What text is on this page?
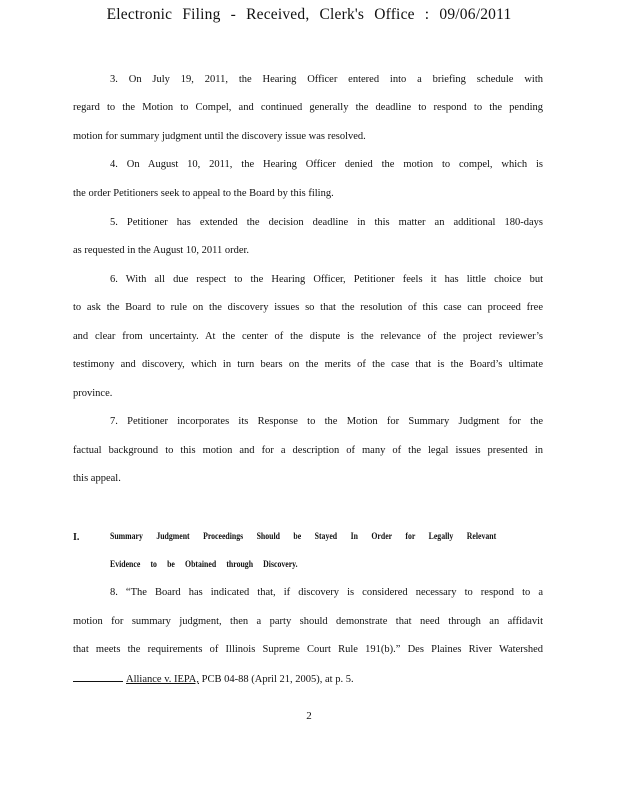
Electronic Filing - Received, Clerk's Office : 09/06/2011
3. On July 19, 2011, the Hearing Officer entered into a briefing schedule with
regard to the Motion to Compel, and continued generally the deadline to respond to the pending
motion for summary judgment until the discovery issue was resolved.
4. On August 10, 2011, the Hearing Officer denied the motion to compel, which is
the order Petitioners seek to appeal to the Board by this filing.
5. Petitioner has extended the decision deadline in this matter an additional 180-days
as requested in the August 10, 2011 order.
6. With all due respect to the Hearing Officer, Petitioner feels it has little choice but
to ask the Board to rule on the discovery issues so that the resolution of this case can proceed free
and clear from uncertainty. At the center of the dispute is the relevance of the project reviewer’s
testimony and discovery, which in turn bears on the merits of the case that is the Board’s ultimate
province.
7. Petitioner incorporates its Response to the Motion for Summary Judgment for the
factual background to this motion and for a description of many of the legal issues presented in
this appeal.
I.	Summary Judgment Proceedings Should be Stayed In Order for Legally Relevant
Evidence to be Obtained through Discovery.
8. “The Board has indicated that, if discovery is considered necessary to respond to a
motion for summary judgment, then a party should demonstrate that need through an affidavit
that meets the requirements of Illinois Supreme Court Rule 191(b).” Des Plaines River Watershed
Alliance v. IEPA, PCB 04-88 (April 21, 2005), at p. 5.
2
